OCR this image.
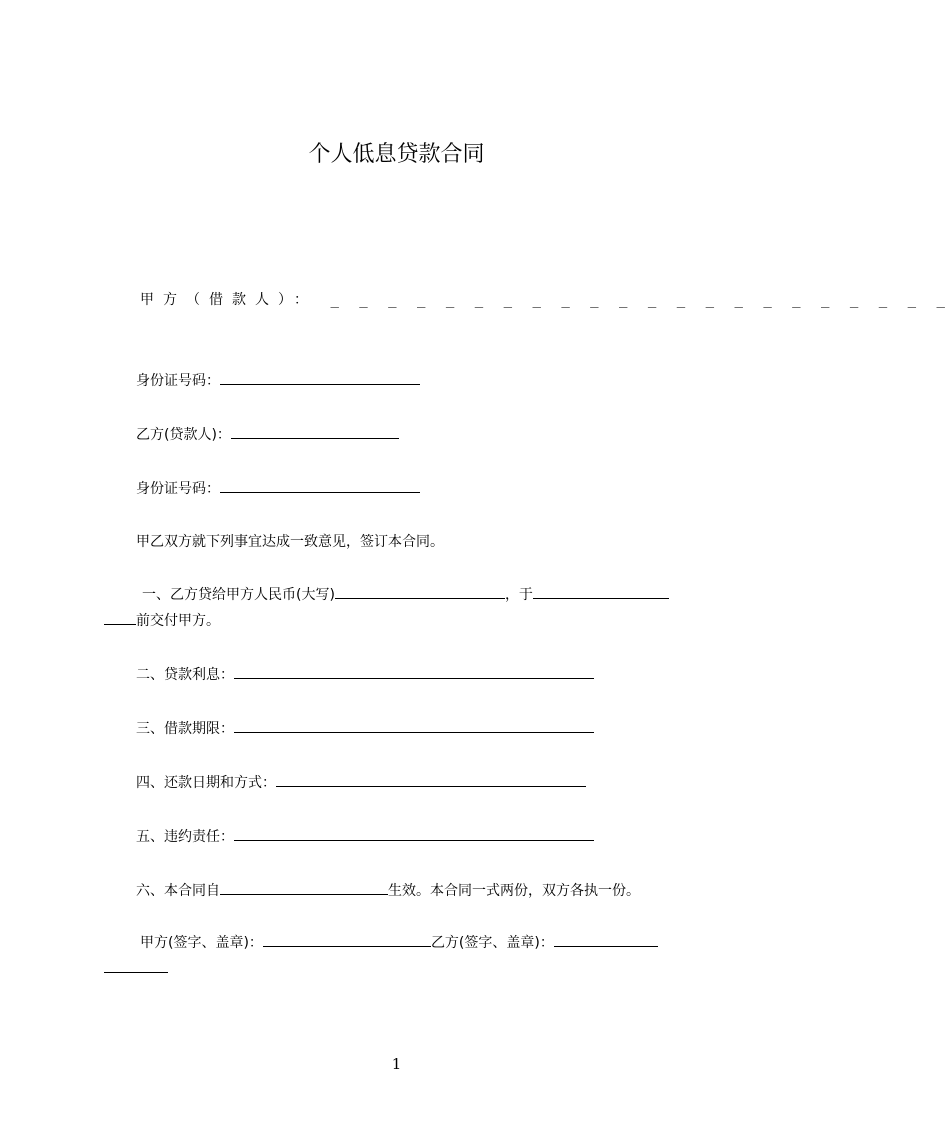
个人低息贷款合同
甲方（借款人）： _ _ _ _ _ _ _ _ _ _ _ _ _ _ _ _ _ _ _ _ _ _
身份证号码：
乙方(贷款人)：
身份证号码：
甲乙双方就下列事宜达成一致意见，签订本合同。
一、乙方贷给甲方人民币(大写)	，于
前交付甲方。
二、贷款利息：
三、借款期限：
四、还款日期和方式：
五、违约责任：
六、本合同自	生效。本合同一式两份，双方各执一份。
甲方(签字、盖章)：	乙方(签字、盖章)：
1
